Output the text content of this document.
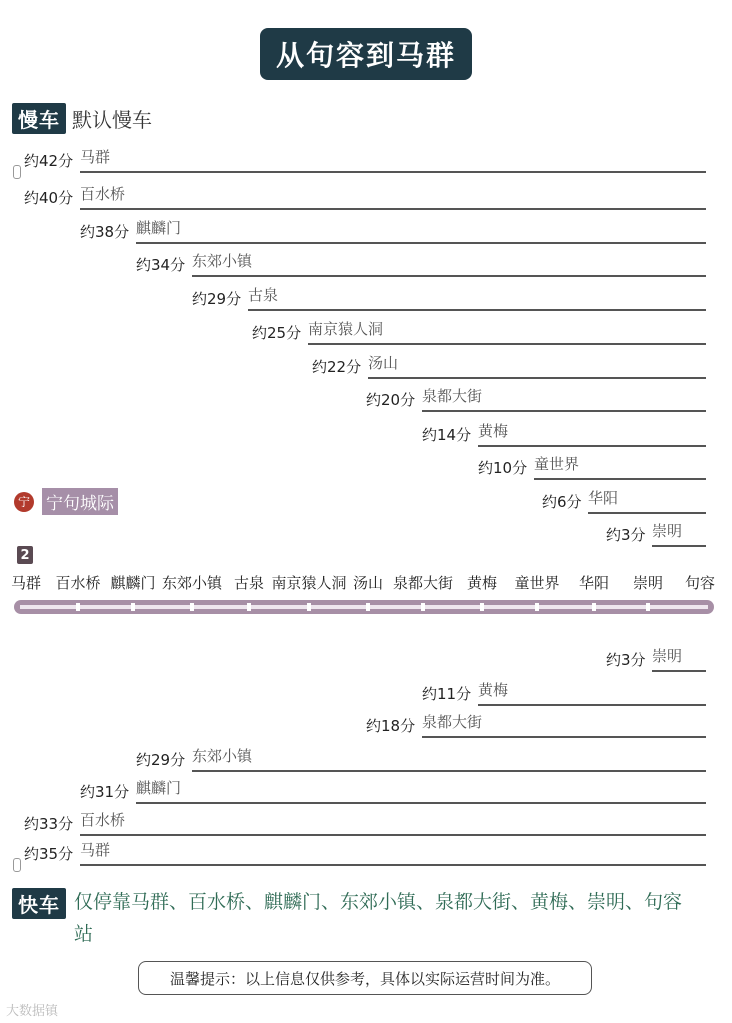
从句容到马群
慢车 默认慢车
约42分 马群
约40分 百水桥
约38分 麒麟门
约34分 东郊小镇
约29分 古泉
约25分 南京猿人洞
约22分 汤山
约20分 泉都大街
约14分 黄梅
约10分 童世界
约6分 华阳
约3分 崇明
宁 宁句城际
2
马群 百水桥 麒麟门 东郊小镇 古泉 南京猿人洞 汤山 泉都大街 黄梅 童世界 华阳 崇明 句容
约3分 崇明
约11分 黄梅
约18分 泉都大街
约29分 东郊小镇
约31分 麒麟门
约33分 百水桥
约35分 马群
快车 仅停靠马群、百水桥、麒麟门、东郊小镇、泉都大街、黄梅、崇明、句容站
温馨提示：以上信息仅供参考，具体以实际运营时间为准。
大数据镇
